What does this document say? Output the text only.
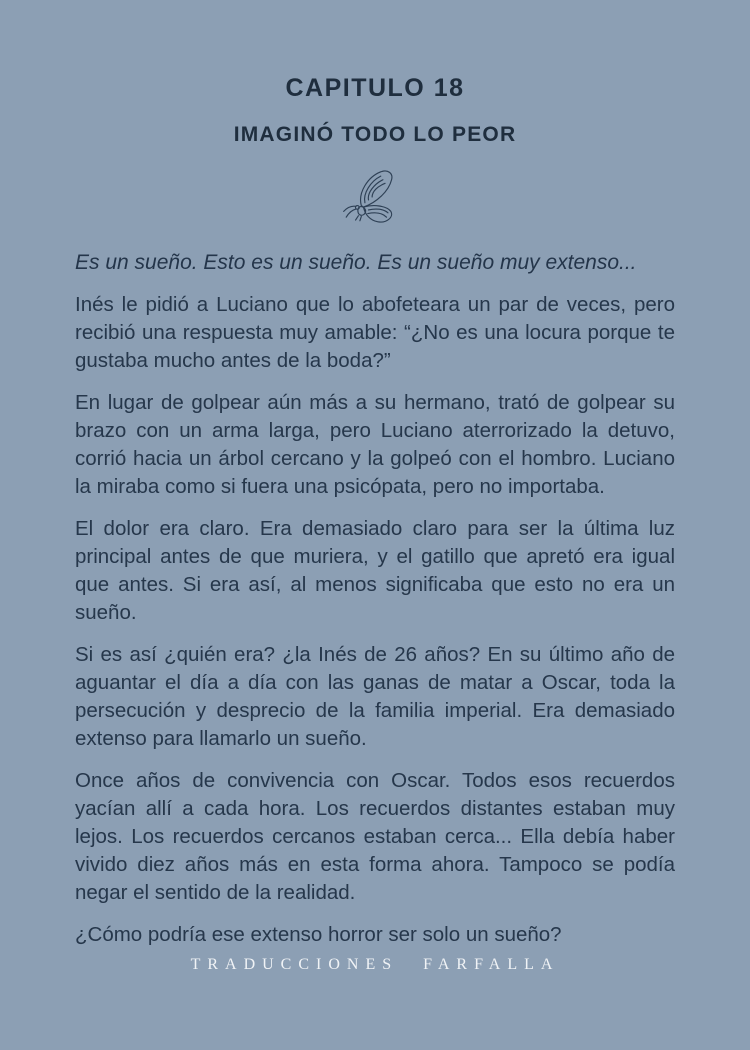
CAPITULO 18
IMAGINÓ TODO LO PEOR

Es un sueño. Esto es un sueño. Es un sueño muy extenso...

Inés le pidió a Luciano que lo abofeteara un par de veces, pero recibió una respuesta muy amable: “¿No es una locura porque te gustaba mucho antes de la boda?”

En lugar de golpear aún más a su hermano, trató de golpear su brazo con un arma larga, pero Luciano aterrorizado la detuvo, corrió hacia un árbol cercano y la golpeó con el hombro. Luciano la miraba como si fuera una psicópata, pero no importaba.

El dolor era claro. Era demasiado claro para ser la última luz principal antes de que muriera, y el gatillo que apretó era igual que antes. Si era así, al menos significaba que esto no era un sueño.

Si es así ¿quién era? ¿la Inés de 26 años? En su último año de aguantar el día a día con las ganas de matar a Oscar, toda la persecución y desprecio de la familia imperial. Era demasiado extenso para llamarlo un sueño.

Once años de convivencia con Oscar. Todos esos recuerdos yacían allí a cada hora. Los recuerdos distantes estaban muy lejos. Los recuerdos cercanos estaban cerca... Ella debía haber vivido diez años más en esta forma ahora. Tampoco se podía negar el sentido de la realidad.

¿Cómo podría ese extenso horror ser solo un sueño?

TRADUCCIONES FARFALLA
